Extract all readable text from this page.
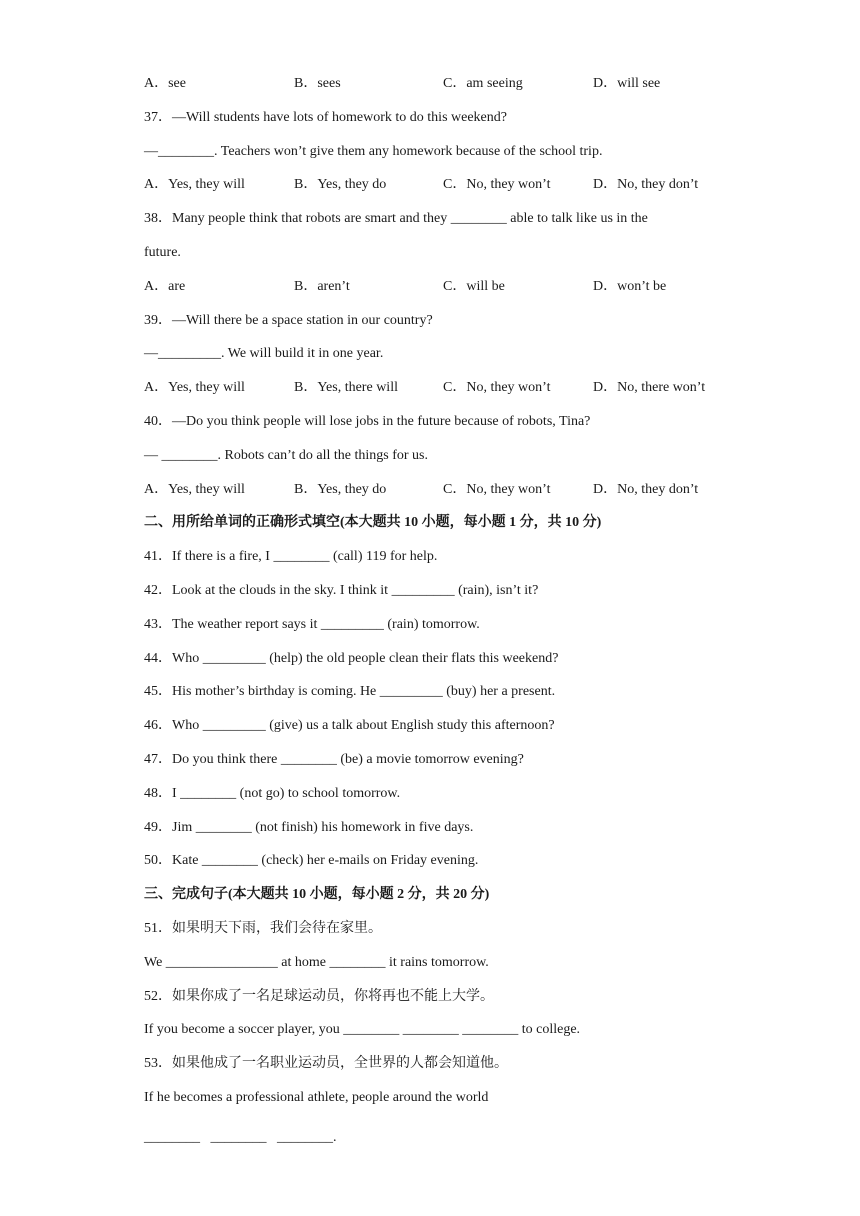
A．see	B．sees	C．am seeing	D．will see
37．—Will students have lots of homework to do this weekend?
—________. Teachers won’t give them any homework because of the school trip.
A．Yes, they will	B．Yes, they do	C．No, they won’t	D．No, they don’t
38．Many people think that robots are smart and they ________ able to talk like us in the
future.
A．are	B．aren’t	C．will be	D．won’t be
39．—Will there be a space station in our country?
—_________. We will build it in one year.
A．Yes, they will	B．Yes, there will	C．No, they won’t	D．No, there won’t
40．—Do you think people will lose jobs in the future because of robots, Tina?
— ________. Robots can’t do all the things for us.
A．Yes, they will	B．Yes, they do	C．No, they won’t	D．No, they don’t
二、用所给单词的正确形式填空(本大题共 10 小题，每小题 1 分，共 10 分)
41．If there is a fire, I ________ (call) 119 for help.
42．Look at the clouds in the sky. I think it _________ (rain), isn’t it?
43．The weather report says it _________ (rain) tomorrow.
44．Who _________ (help) the old people clean their flats this weekend?
45．His mother’s birthday is coming. He _________ (buy) her a present.
46．Who _________ (give) us a talk about English study this afternoon?
47．Do you think there ________ (be) a movie tomorrow evening?
48．I ________ (not go) to school tomorrow.
49．Jim ________ (not finish) his homework in five days.
50．Kate ________ (check) her e-mails on Friday evening.
三、完成句子(本大题共 10 小题，每小题 2 分，共 20 分)
51．如果明天下雨，我们会待在家里。
We ________________ at home ________ it rains tomorrow.
52．如果你成了一名足球运动员，你将再也不能上大学。
If you become a soccer player, you ________ ________ ________ to college.
53．如果他成了一名职业运动员，全世界的人都会知道他。
If he becomes a professional athlete, people around the world
________   ________   ________.
